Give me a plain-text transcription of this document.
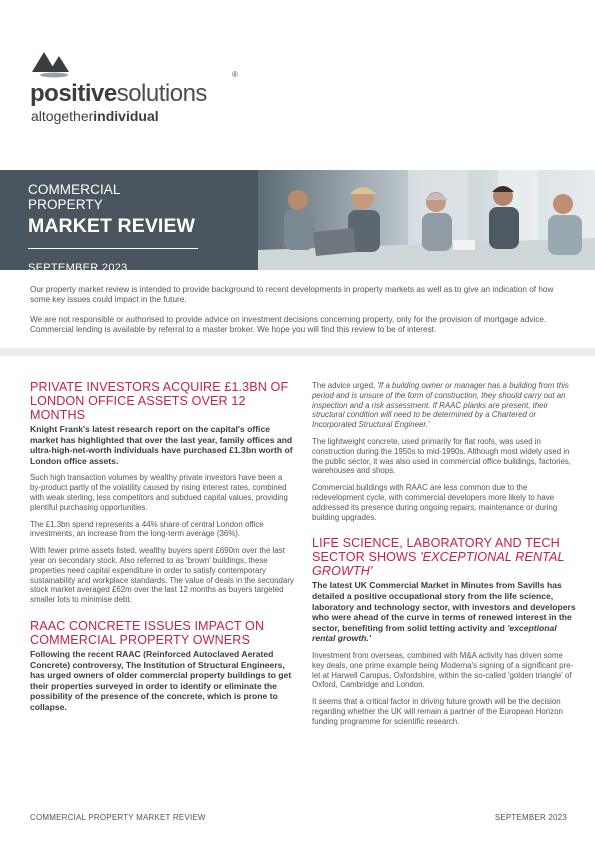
positivesolutions
®
altogetherindividual
COMMERCIAL PROPERTY
MARKET REVIEW
SEPTEMBER 2023

Our property market review is intended to provide background to recent developments in property markets as well as to give an indication of how some key issues could impact in the future.

We are not responsible or authorised to provide advice on investment decisions concerning property, only for the provision of mortgage advice. Commercial lending is available by referral to a master broker. We hope you will find this review to be of interest.

PRIVATE INVESTORS ACQUIRE £1.3BN OF LONDON OFFICE ASSETS OVER 12 MONTHS

Knight Frank's latest research report on the capital's office market has highlighted that over the last year, family offices and ultra-high-net-worth individuals have purchased £1.3bn worth of London office assets.

Such high transaction volumes by wealthy private investors have been a by-product partly of the volatility caused by rising interest rates, combined with weak sterling, less competitors and subdued capital values, providing plentiful purchasing opportunities.

The £1.3bn spend represents a 44% share of central London office investments, an increase from the long-term average (36%).

With fewer prime assets listed, wealthy buyers spent £690m over the last year on secondary stock. Also referred to as 'brown' buildings, these properties need capital expenditure in order to satisfy contemporary sustainability and workplace standards. The value of deals in the secondary stock market averaged £62m over the last 12 months as buyers targeted smaller lots to minimise debt.

RAAC CONCRETE ISSUES IMPACT ON COMMERCIAL PROPERTY OWNERS

Following the recent RAAC (Reinforced Autoclaved Aerated Concrete) controversy, The Institution of Structural Engineers, has urged owners of older commercial property buildings to get their properties surveyed in order to identify or eliminate the possibility of the presence of the concrete, which is prone to collapse.

The advice urged, 'If a building owner or manager has a building from this period and is unsure of the form of construction, they should carry out an inspection and a risk assessment. If RAAC planks are present, their structural condition will need to be determined by a Chartered or Incorporated Structural Engineer.'

The lightweight concrete, used primarily for flat roofs, was used in construction during the 1950s to mid-1990s. Although most widely used in the public sector, it was also used in commercial office buildings, factories, warehouses and shops.

Commercial buildings with RAAC are less common due to the redevelopment cycle, with commercial developers more likely to have addressed its presence during ongoing repairs, maintenance or during building upgrades.

LIFE SCIENCE, LABORATORY AND TECH SECTOR SHOWS 'EXCEPTIONAL RENTAL GROWTH'

The latest UK Commercial Market in Minutes from Savills has detailed a positive occupational story from the life science, laboratory and technology sector, with investors and developers who were ahead of the curve in terms of renewed interest in the sector, benefiting from solid letting activity and 'exceptional rental growth.'

Investment from overseas, combined with M&A activity has driven some key deals, one prime example being Moderna's signing of a significant pre-let at Harwell Campus, Oxfordshire, within the so-called 'golden triangle' of Oxford, Cambridge and London.

It seems that a critical factor in driving future growth will be the decision regarding whether the UK will remain a partner of the European Horizon funding programme for scientific research.

COMMERCIAL PROPERTY MARKET REVIEW	SEPTEMBER 2023
